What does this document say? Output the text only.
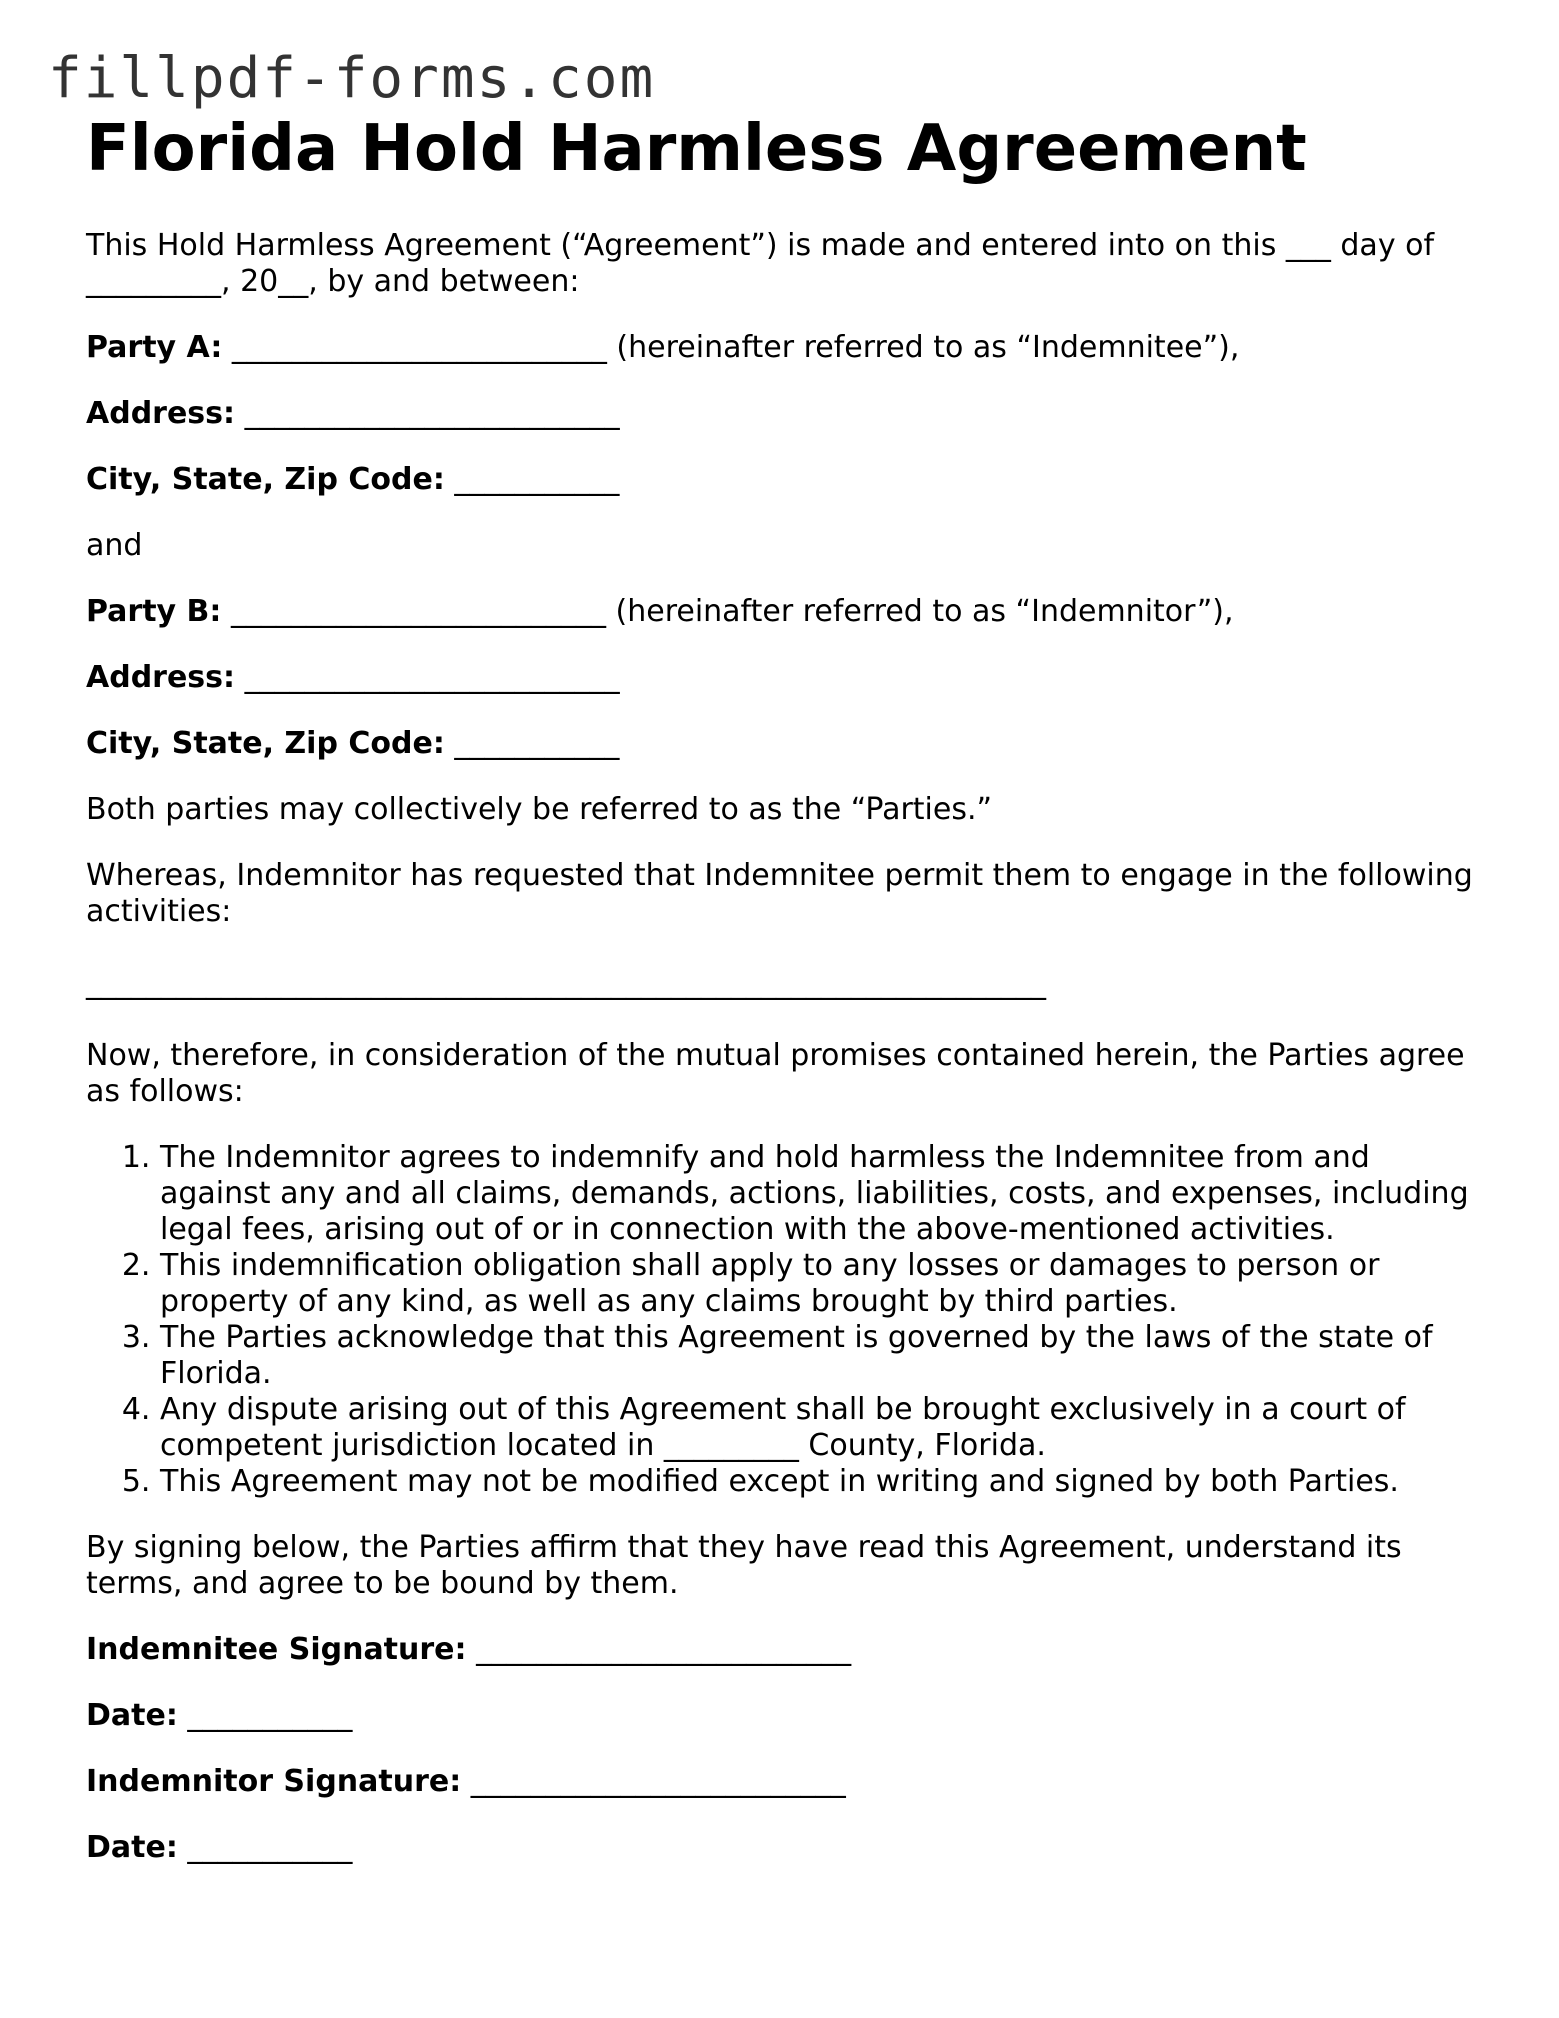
fillpdf-forms.com
Florida Hold Harmless Agreement

This Hold Harmless Agreement (“Agreement”) is made and entered into on this ___ day of _________, 20__, by and between:

Party A: _________________________ (hereinafter referred to as “Indemnitee”),

Address: _________________________

City, State, Zip Code: ___________

and

Party B: _________________________ (hereinafter referred to as “Indemnitor”),

Address: _________________________

City, State, Zip Code: ___________

Both parties may collectively be referred to as the “Parties.”

Whereas, Indemnitor has requested that Indemnitee permit them to engage in the following activities:

________________________________________________________________

Now, therefore, in consideration of the mutual promises contained herein, the Parties agree as follows:

1. The Indemnitor agrees to indemnify and hold harmless the Indemnitee from and against any and all claims, demands, actions, liabilities, costs, and expenses, including legal fees, arising out of or in connection with the above-mentioned activities.
2. This indemnification obligation shall apply to any losses or damages to person or property of any kind, as well as any claims brought by third parties.
3. The Parties acknowledge that this Agreement is governed by the laws of the state of Florida.
4. Any dispute arising out of this Agreement shall be brought exclusively in a court of competent jurisdiction located in _________ County, Florida.
5. This Agreement may not be modified except in writing and signed by both Parties.

By signing below, the Parties affirm that they have read this Agreement, understand its terms, and agree to be bound by them.

Indemnitee Signature: _________________________

Date: ___________

Indemnitor Signature: _________________________

Date: ___________
